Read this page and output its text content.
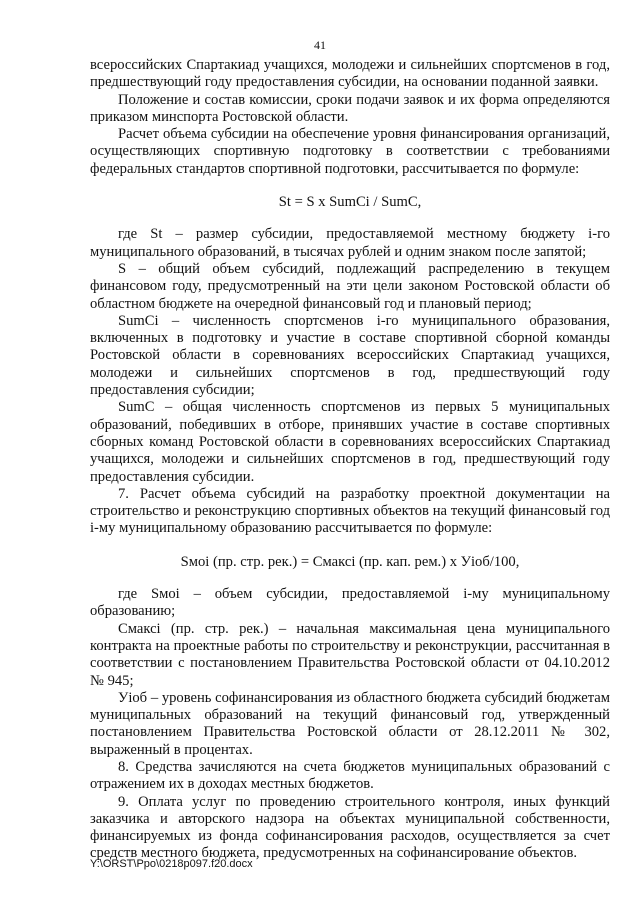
41

всероссийских Спартакиад учащихся, молодежи и сильнейших спортсменов в год, предшествующий году предоставления субсидии, на основании поданной заявки.

Положение и состав комиссии, сроки подачи заявок и их форма определяются приказом минспорта Ростовской области.

Расчет объема субсидии на обеспечение уровня финансирования организаций, осуществляющих спортивную подготовку в соответствии с требованиями федеральных стандартов спортивной подготовки, рассчитывается по формуле:

St = S x SumCi / SumC,

где St – размер субсидии, предоставляемой местному бюджету i-го муниципального образований, в тысячах рублей и одним знаком после запятой;

S – общий объем субсидий, подлежащий распределению в текущем финансовом году, предусмотренный на эти цели законом Ростовской области об областном бюджете на очередной финансовый год и плановый период;

SumCi – численность спортсменов i-го муниципального образования, включенных в подготовку и участие в составе спортивной сборной команды Ростовской области в соревнованиях всероссийских Спартакиад учащихся, молодежи и сильнейших спортсменов в год, предшествующий году предоставления субсидии;

SumC – общая численность спортсменов из первых 5 муниципальных образований, победивших в отборе, принявших участие в составе спортивных сборных команд Ростовской области в соревнованиях всероссийских Спартакиад учащихся, молодежи и сильнейших спортсменов в год, предшествующий году предоставления субсидии.

7. Расчет объема субсидий на разработку проектной документации на строительство и реконструкцию спортивных объектов на текущий финансовый год i-му муниципальному образованию рассчитывается по формуле:

Sмоi (пр. стр. рек.) = Смаксi (пр. кап. рем.) х Уioб/100,

где Sмоi – объем субсидии, предоставляемой i-му муниципальному образованию;

Смаксi (пр. стр. рек.) – начальная максимальная цена муниципального контракта на проектные работы по строительству и реконструкции, рассчитанная в соответствии с постановлением Правительства Ростовской области от 04.10.2012 № 945;

Уioб – уровень софинансирования из областного бюджета субсидий бюджетам муниципальных образований на текущий финансовый год, утвержденный постановлением Правительства Ростовской области от 28.12.2011 № 302, выраженный в процентах.

8. Средства зачисляются на счета бюджетов муниципальных образований с отражением их в доходах местных бюджетов.

9. Оплата услуг по проведению строительного контроля, иных функций заказчика и авторского надзора на объектах муниципальной собственности, финансируемых из фонда софинансирования расходов, осуществляется за счет средств местного бюджета, предусмотренных на софинансирование объектов.

Y:\ORST\Ppo\0218p097.f20.docx
